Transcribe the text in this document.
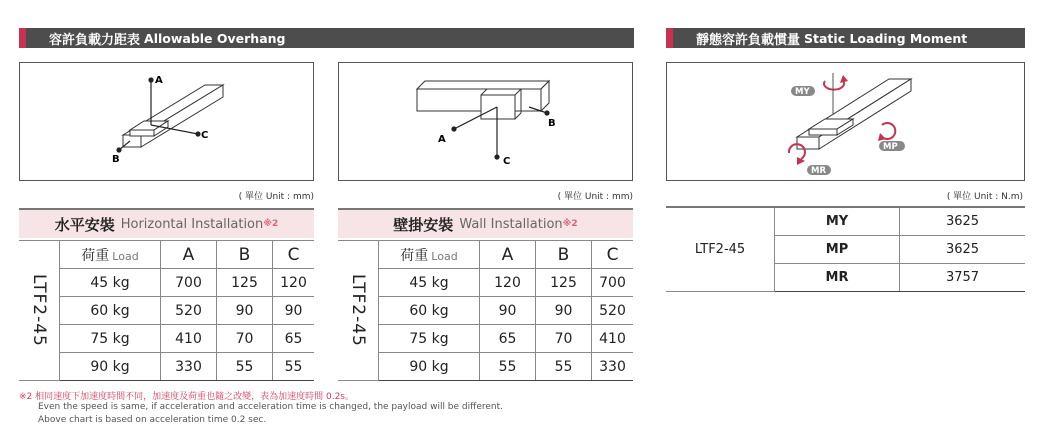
容許負載力距表 Allowable Overhang	靜態容許負載慣量 Static Loading Moment
A
C
B
( 單位 Unit : mm)
A
B
C
( 單位 Unit : mm)
MY
MP
MR
( 單位 Unit : N.m)
水平安裝 Horizontal Installation ※2
LTF2-45	荷重 Load	A	B	C
	45 kg	700	125	120
	60 kg	520	90	90
	75 kg	410	70	65
	90 kg	330	55	55
壁掛安裝 Wall Installation ※2
LTF2-45	荷重 Load	A	B	C
	45 kg	120	125	700
	60 kg	90	90	520
	75 kg	65	70	410
	90 kg	55	55	330
LTF2-45	MY	3625
	MP	3625
	MR	3757
※2 相同速度下加速度時間不同，加速度及荷重也隨之改變，表為加速度時間 0.2s。
Even the speed is same, if acceleration and acceleration time is changed, the payload will be different.
Above chart is based on acceleration time 0.2 sec.
